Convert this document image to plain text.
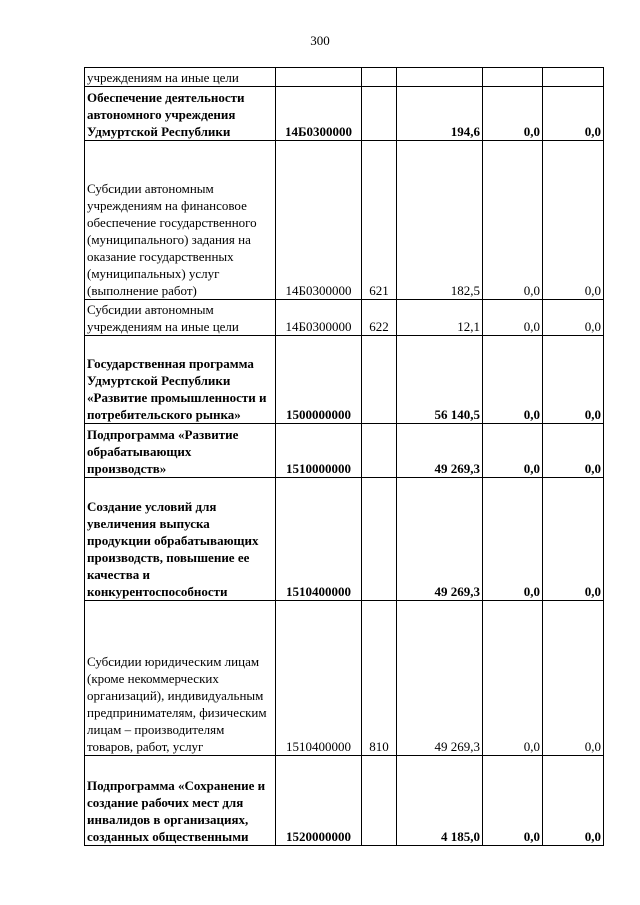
300
учреждениям на иные цели					
Обеспечение деятельности автономного учреждения Удмуртской Республики	14Б0300000		194,6	0,0	0,0
Субсидии автономным учреждениям на финансовое обеспечение государственного (муниципального) задания на оказание государственных (муниципальных) услуг (выполнение работ)	14Б0300000	621	182,5	0,0	0,0
Субсидии автономным учреждениям на иные цели	14Б0300000	622	12,1	0,0	0,0
Государственная программа Удмуртской Республики «Развитие промышленности и потребительского рынка»	1500000000		56 140,5	0,0	0,0
Подпрограмма «Развитие обрабатывающих производств»	1510000000		49 269,3	0,0	0,0
Создание условий для увеличения выпуска продукции обрабатывающих производств, повышение ее качества и конкурентоспособности	1510400000		49 269,3	0,0	0,0
Субсидии юридическим лицам (кроме некоммерческих организаций), индивидуальным предпринимателям, физическим лицам – производителям товаров, работ, услуг	1510400000	810	49 269,3	0,0	0,0
Подпрограмма «Сохранение и создание рабочих мест для инвалидов в организациях, созданных общественными	1520000000		4 185,0	0,0	0,0
